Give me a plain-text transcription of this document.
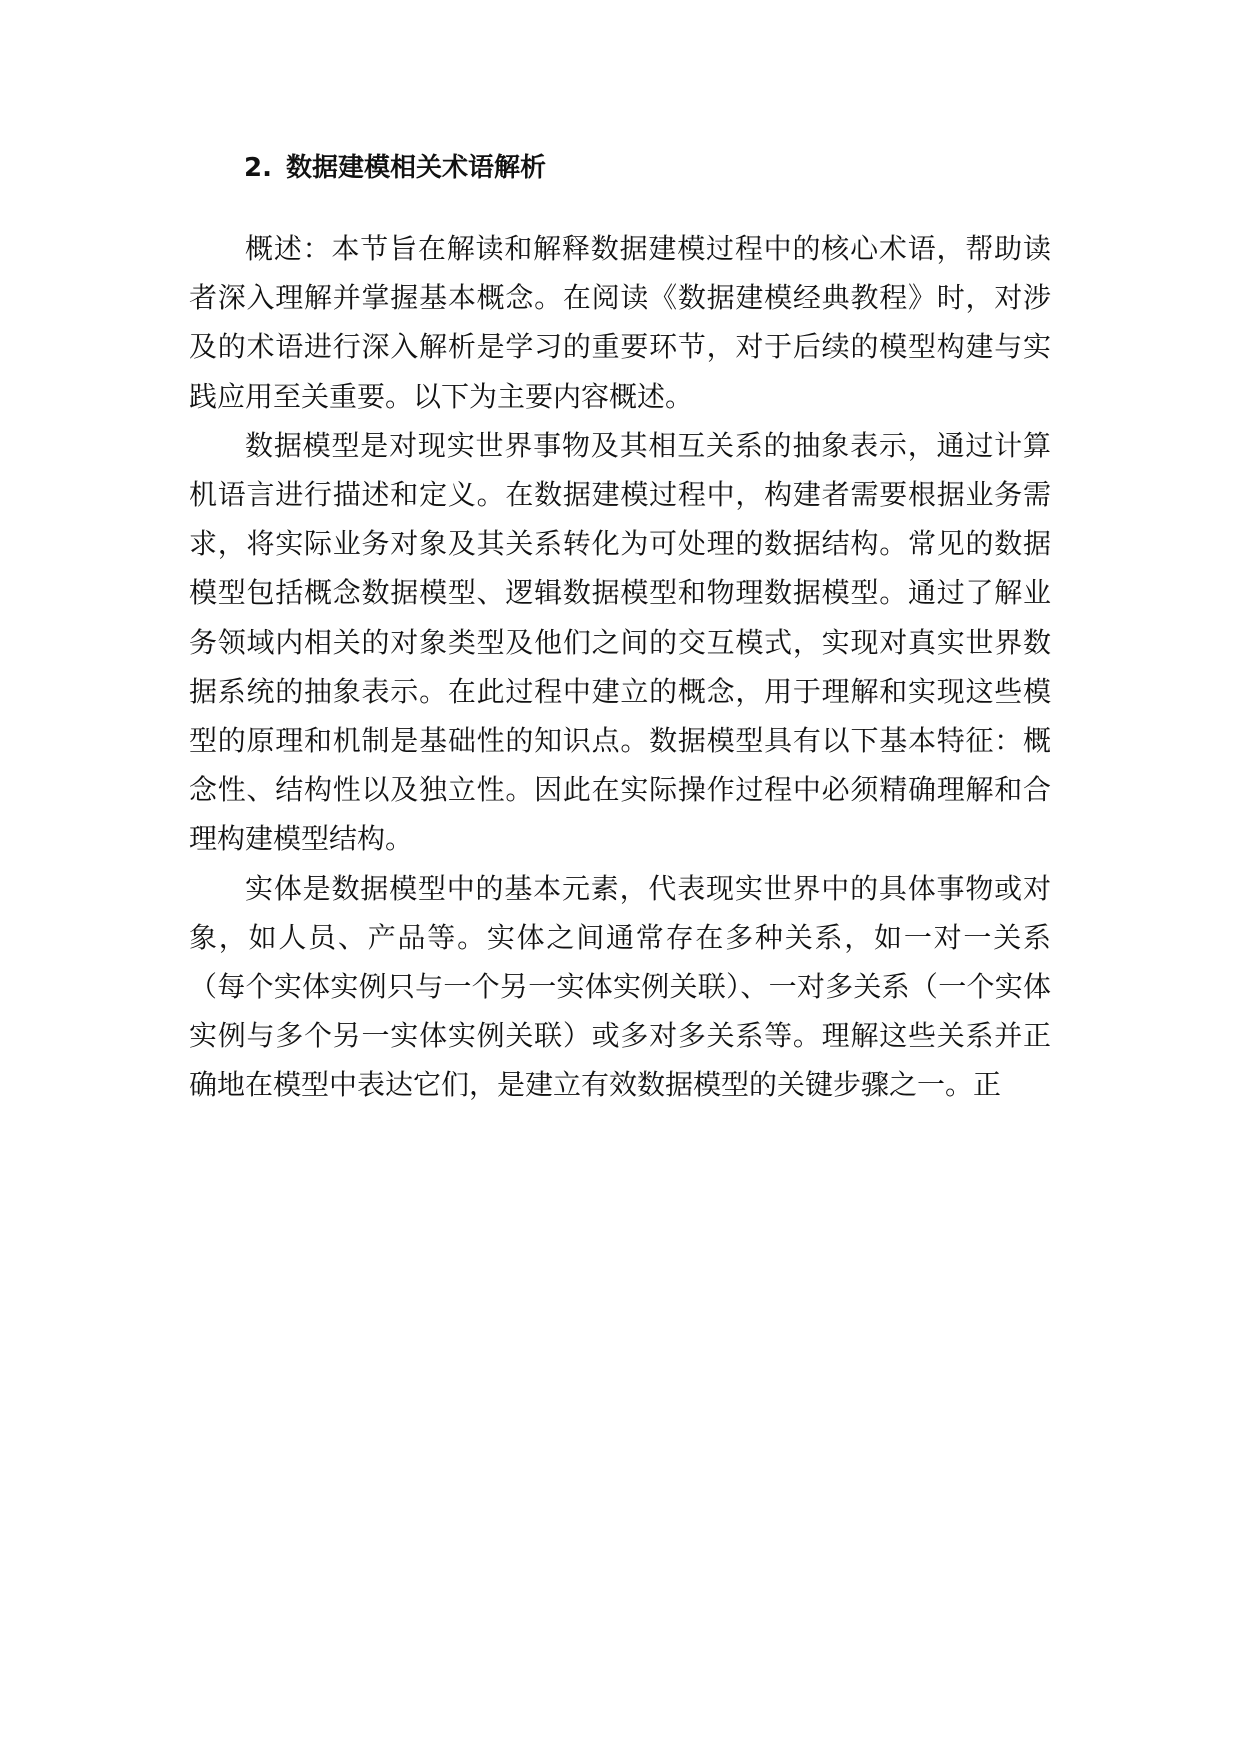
2. 数据建模相关术语解析

概述：本节旨在解读和解释数据建模过程中的核心术语，帮助读者深入理解并掌握基本概念。在阅读《数据建模经典教程》时，对涉及的术语进行深入解析是学习的重要环节，对于后续的模型构建与实践应用至关重要。以下为主要内容概述。

数据模型是对现实世界事物及其相互关系的抽象表示，通过计算机语言进行描述和定义。在数据建模过程中，构建者需要根据业务需求，将实际业务对象及其关系转化为可处理的数据结构。常见的数据模型包括概念数据模型、逻辑数据模型和物理数据模型。通过了解业务领域内相关的对象类型及他们之间的交互模式，实现对真实世界数据系统的抽象表示。在此过程中建立的概念，用于理解和实现这些模型的原理和机制是基础性的知识点。数据模型具有以下基本特征：概念性、结构性以及独立性。因此在实际操作过程中必须精确理解和合理构建模型结构。

实体是数据模型中的基本元素，代表现实世界中的具体事物或对象，如人员、产品等。实体之间通常存在多种关系，如一对一关系（每个实体实例只与一个另一实体实例关联）、一对多关系（一个实体实例与多个另一实体实例关联）或多对多关系等。理解这些关系并正确地在模型中表达它们，是建立有效数据模型的关键步骤之一。正
